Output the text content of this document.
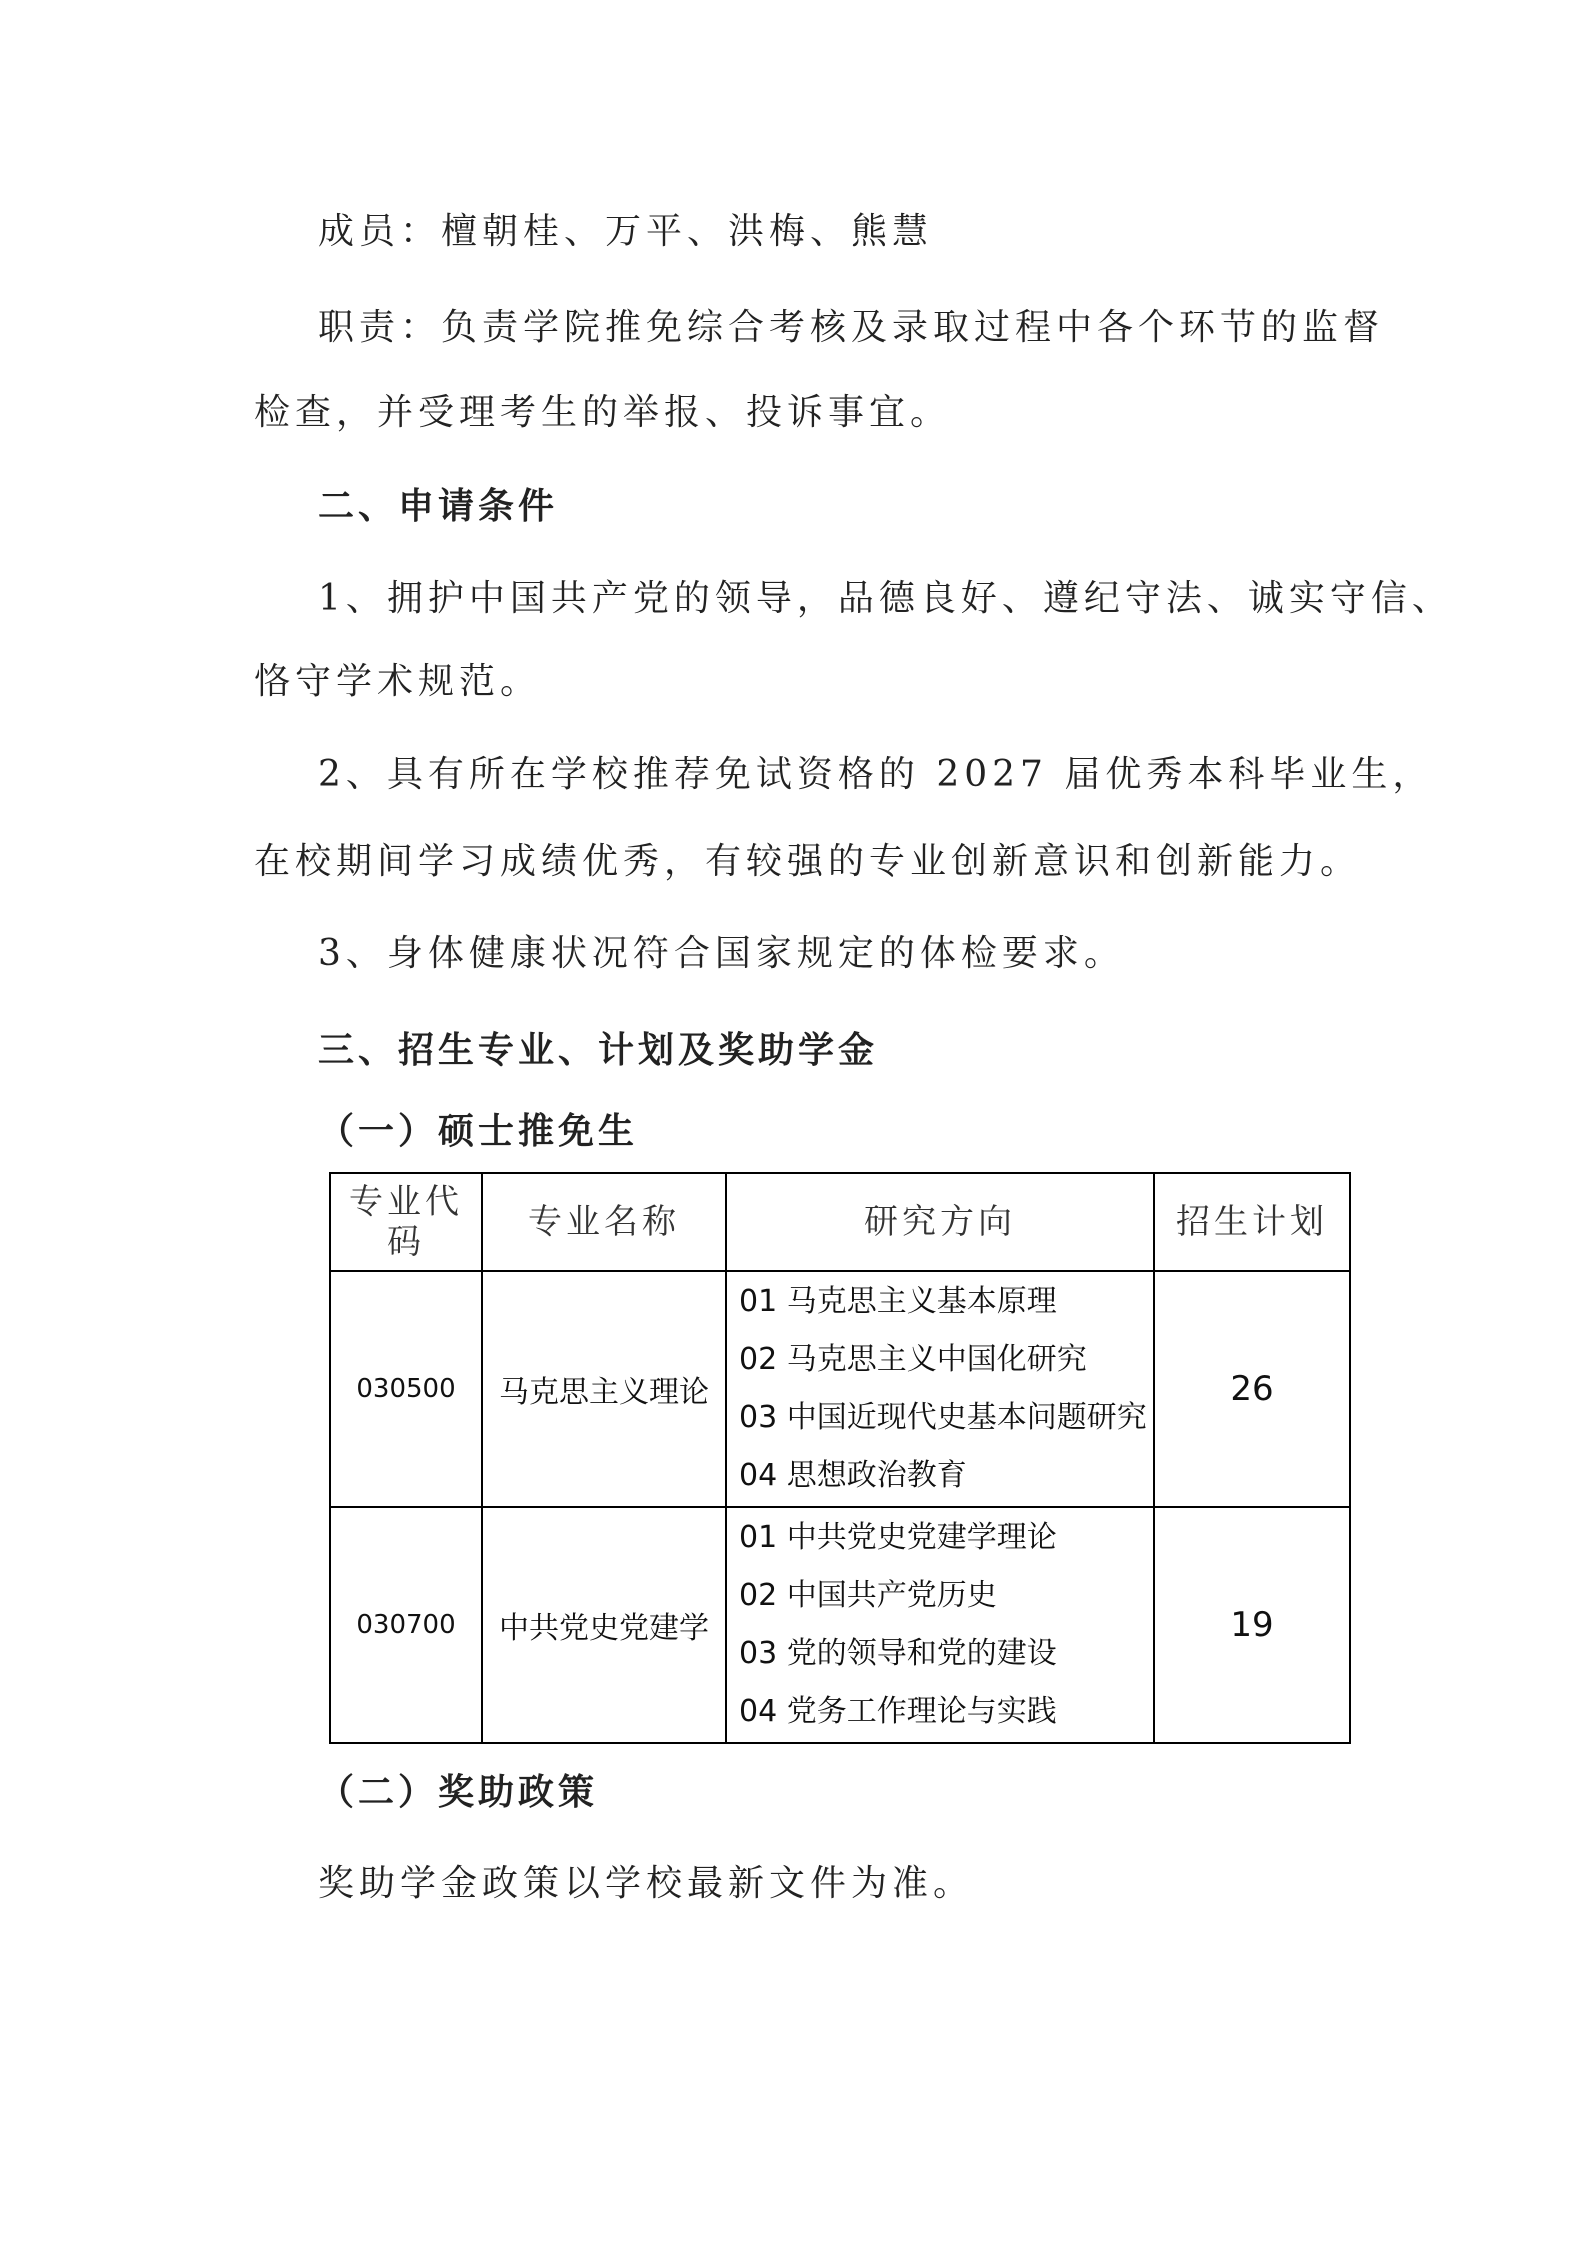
成员：檀朝桂、万平、洪梅、熊慧
职责：负责学院推免综合考核及录取过程中各个环节的监督
检查，并受理考生的举报、投诉事宜。
二、申请条件
1、拥护中国共产党的领导，品德良好、遵纪守法、诚实守信、
恪守学术规范。
2、具有所在学校推荐免试资格的 2027 届优秀本科毕业生，
在校期间学习成绩优秀，有较强的专业创新意识和创新能力。
3、身体健康状况符合国家规定的体检要求。
三、招生专业、计划及奖助学金
（一）硕士推免生
专业代码	专业名称	研究方向	招生计划
030500	马克思主义理论	01 马克思主义基本原理
02 马克思主义中国化研究
03 中国近现代史基本问题研究
04 思想政治教育	26
030700	中共党史党建学	01 中共党史党建学理论
02 中国共产党历史
03 党的领导和党的建设
04 党务工作理论与实践	19
（二）奖助政策
奖助学金政策以学校最新文件为准。
